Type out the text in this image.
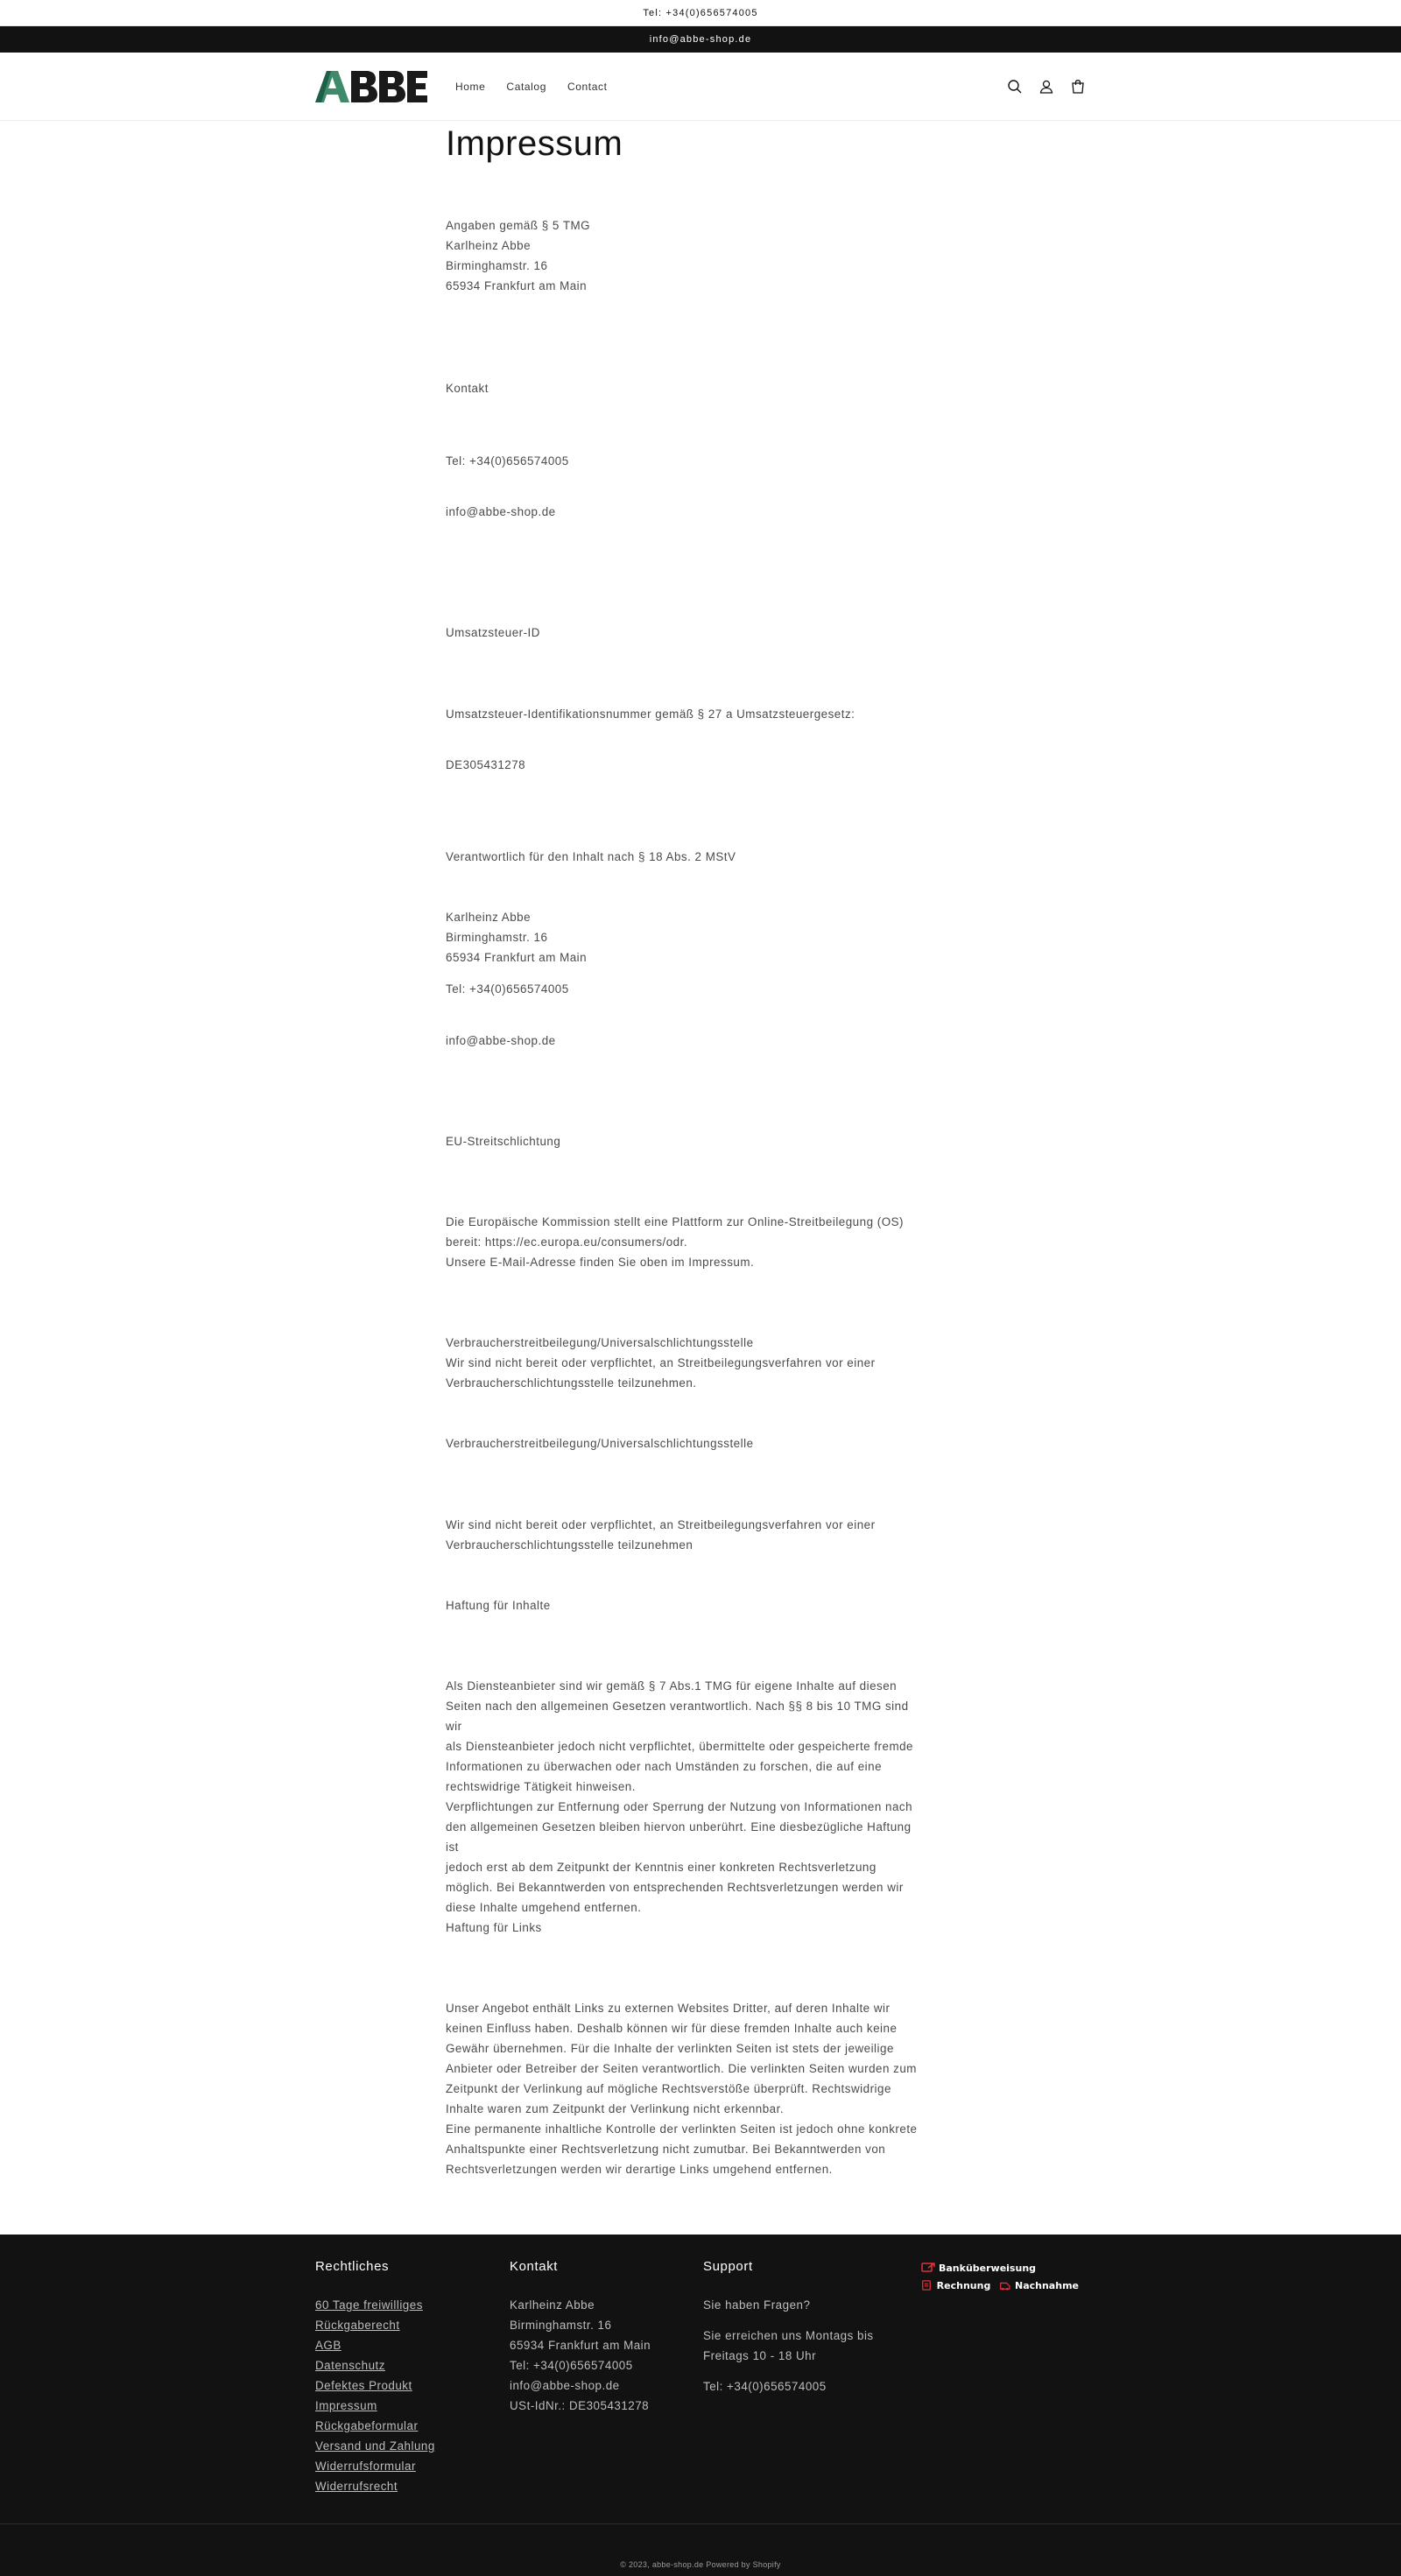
Tel: +34(0)656574005
info@abbe-shop.de
Home Catalog Contact
Impressum
Angaben gemäß § 5 TMG
Karlheinz Abbe
Birminghamstr. 16
65934 Frankfurt am Main
Kontakt
Tel: +34(0)656574005
info@abbe-shop.de
Umsatzsteuer-ID
Umsatzsteuer-Identifikationsnummer gemäß § 27 a Umsatzsteuergesetz:
DE305431278
Verantwortlich für den Inhalt nach § 18 Abs. 2 MStV
Karlheinz Abbe
Birminghamstr. 16
65934 Frankfurt am Main
Tel: +34(0)656574005
info@abbe-shop.de
EU-Streitschlichtung
Die Europäische Kommission stellt eine Plattform zur Online-Streitbeilegung (OS)
bereit: https://ec.europa.eu/consumers/odr.
Unsere E-Mail-Adresse finden Sie oben im Impressum.
Verbraucherstreitbeilegung/Universalschlichtungsstelle
Wir sind nicht bereit oder verpflichtet, an Streitbeilegungsverfahren vor einer
Verbraucherschlichtungsstelle teilzunehmen.
Verbraucherstreitbeilegung/Universalschlichtungsstelle
Wir sind nicht bereit oder verpflichtet, an Streitbeilegungsverfahren vor einer
Verbraucherschlichtungsstelle teilzunehmen
Haftung für Inhalte
Als Diensteanbieter sind wir gemäß § 7 Abs.1 TMG für eigene Inhalte auf diesen
Seiten nach den allgemeinen Gesetzen verantwortlich. Nach §§ 8 bis 10 TMG sind wir
als Diensteanbieter jedoch nicht verpflichtet, übermittelte oder gespeicherte fremde
Informationen zu überwachen oder nach Umständen zu forschen, die auf eine
rechtswidrige Tätigkeit hinweisen.
Verpflichtungen zur Entfernung oder Sperrung der Nutzung von Informationen nach
den allgemeinen Gesetzen bleiben hiervon unberührt. Eine diesbezügliche Haftung ist
jedoch erst ab dem Zeitpunkt der Kenntnis einer konkreten Rechtsverletzung
möglich. Bei Bekanntwerden von entsprechenden Rechtsverletzungen werden wir
diese Inhalte umgehend entfernen.
Haftung für Links
Unser Angebot enthält Links zu externen Websites Dritter, auf deren Inhalte wir
keinen Einfluss haben. Deshalb können wir für diese fremden Inhalte auch keine
Gewähr übernehmen. Für die Inhalte der verlinkten Seiten ist stets der jeweilige
Anbieter oder Betreiber der Seiten verantwortlich. Die verlinkten Seiten wurden zum
Zeitpunkt der Verlinkung auf mögliche Rechtsverstöße überprüft. Rechtswidrige
Inhalte waren zum Zeitpunkt der Verlinkung nicht erkennbar.
Eine permanente inhaltliche Kontrolle der verlinkten Seiten ist jedoch ohne konkrete
Anhaltspunkte einer Rechtsverletzung nicht zumutbar. Bei Bekanntwerden von
Rechtsverletzungen werden wir derartige Links umgehend entfernen.
Rechtliches
60 Tage freiwilliges
Rückgaberecht
AGB
Datenschutz
Defektes Produkt
Impressum
Rückgabeformular
Versand und Zahlung
Widerrufsformular
Widerrufsrecht
Kontakt
Karlheinz Abbe
Birminghamstr. 16
65934 Frankfurt am Main
Tel: +34(0)656574005
info@abbe-shop.de
USt-IdNr.: DE305431278
Support
Sie haben Fragen?
Sie erreichen uns Montags bis
Freitags 10 - 18 Uhr
Tel: +34(0)656574005
Banküberweisung
Rechnung	Nachnahme
© 2023, abbe-shop.de Powered by Shopify
